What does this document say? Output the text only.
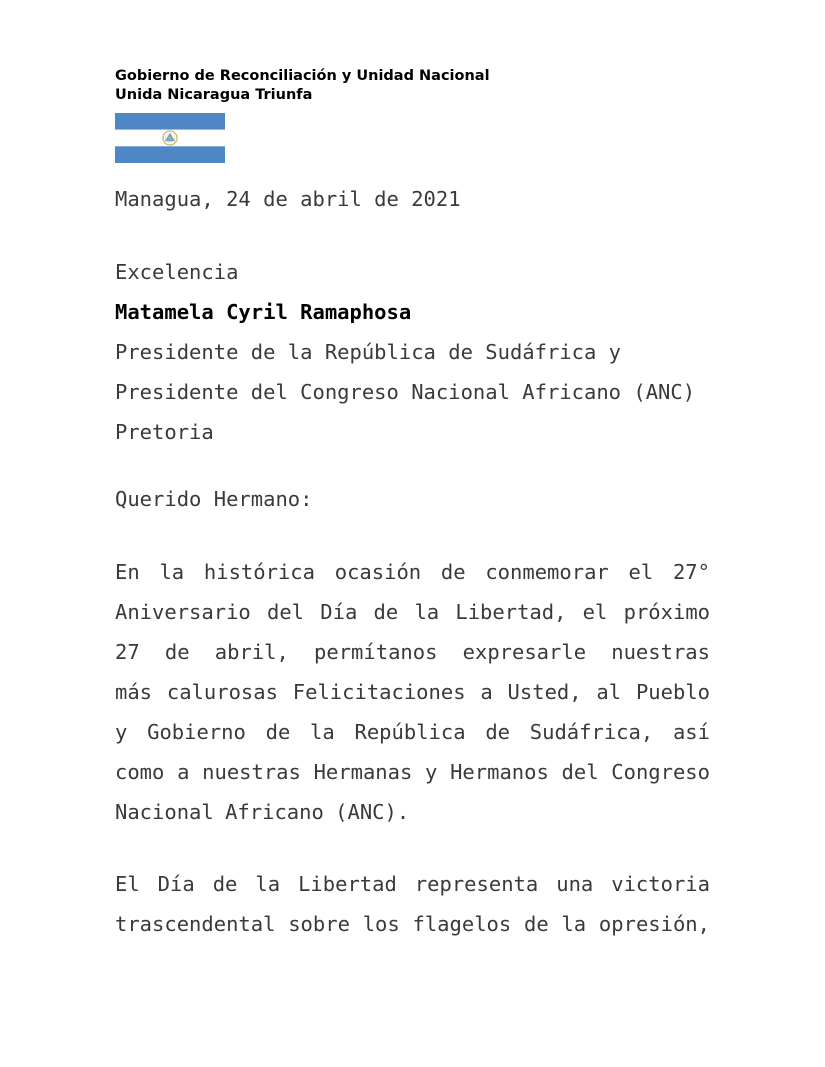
Gobierno de Reconciliación y Unidad Nacional
Unida Nicaragua Triunfa
Managua, 24 de abril de 2021
Excelencia
Matamela Cyril Ramaphosa
Presidente de la República de Sudáfrica y
Presidente del Congreso Nacional Africano (ANC)
Pretoria
Querido Hermano:
En la histórica ocasión de conmemorar el 27°
Aniversario del Día de la Libertad, el próximo
27 de abril, permítanos expresarle nuestras
más calurosas Felicitaciones a Usted, al Pueblo
y Gobierno de la República de Sudáfrica, así
como a nuestras Hermanas y Hermanos del Congreso
Nacional Africano (ANC).
El Día de la Libertad representa una victoria
trascendental sobre los flagelos de la opresión,
